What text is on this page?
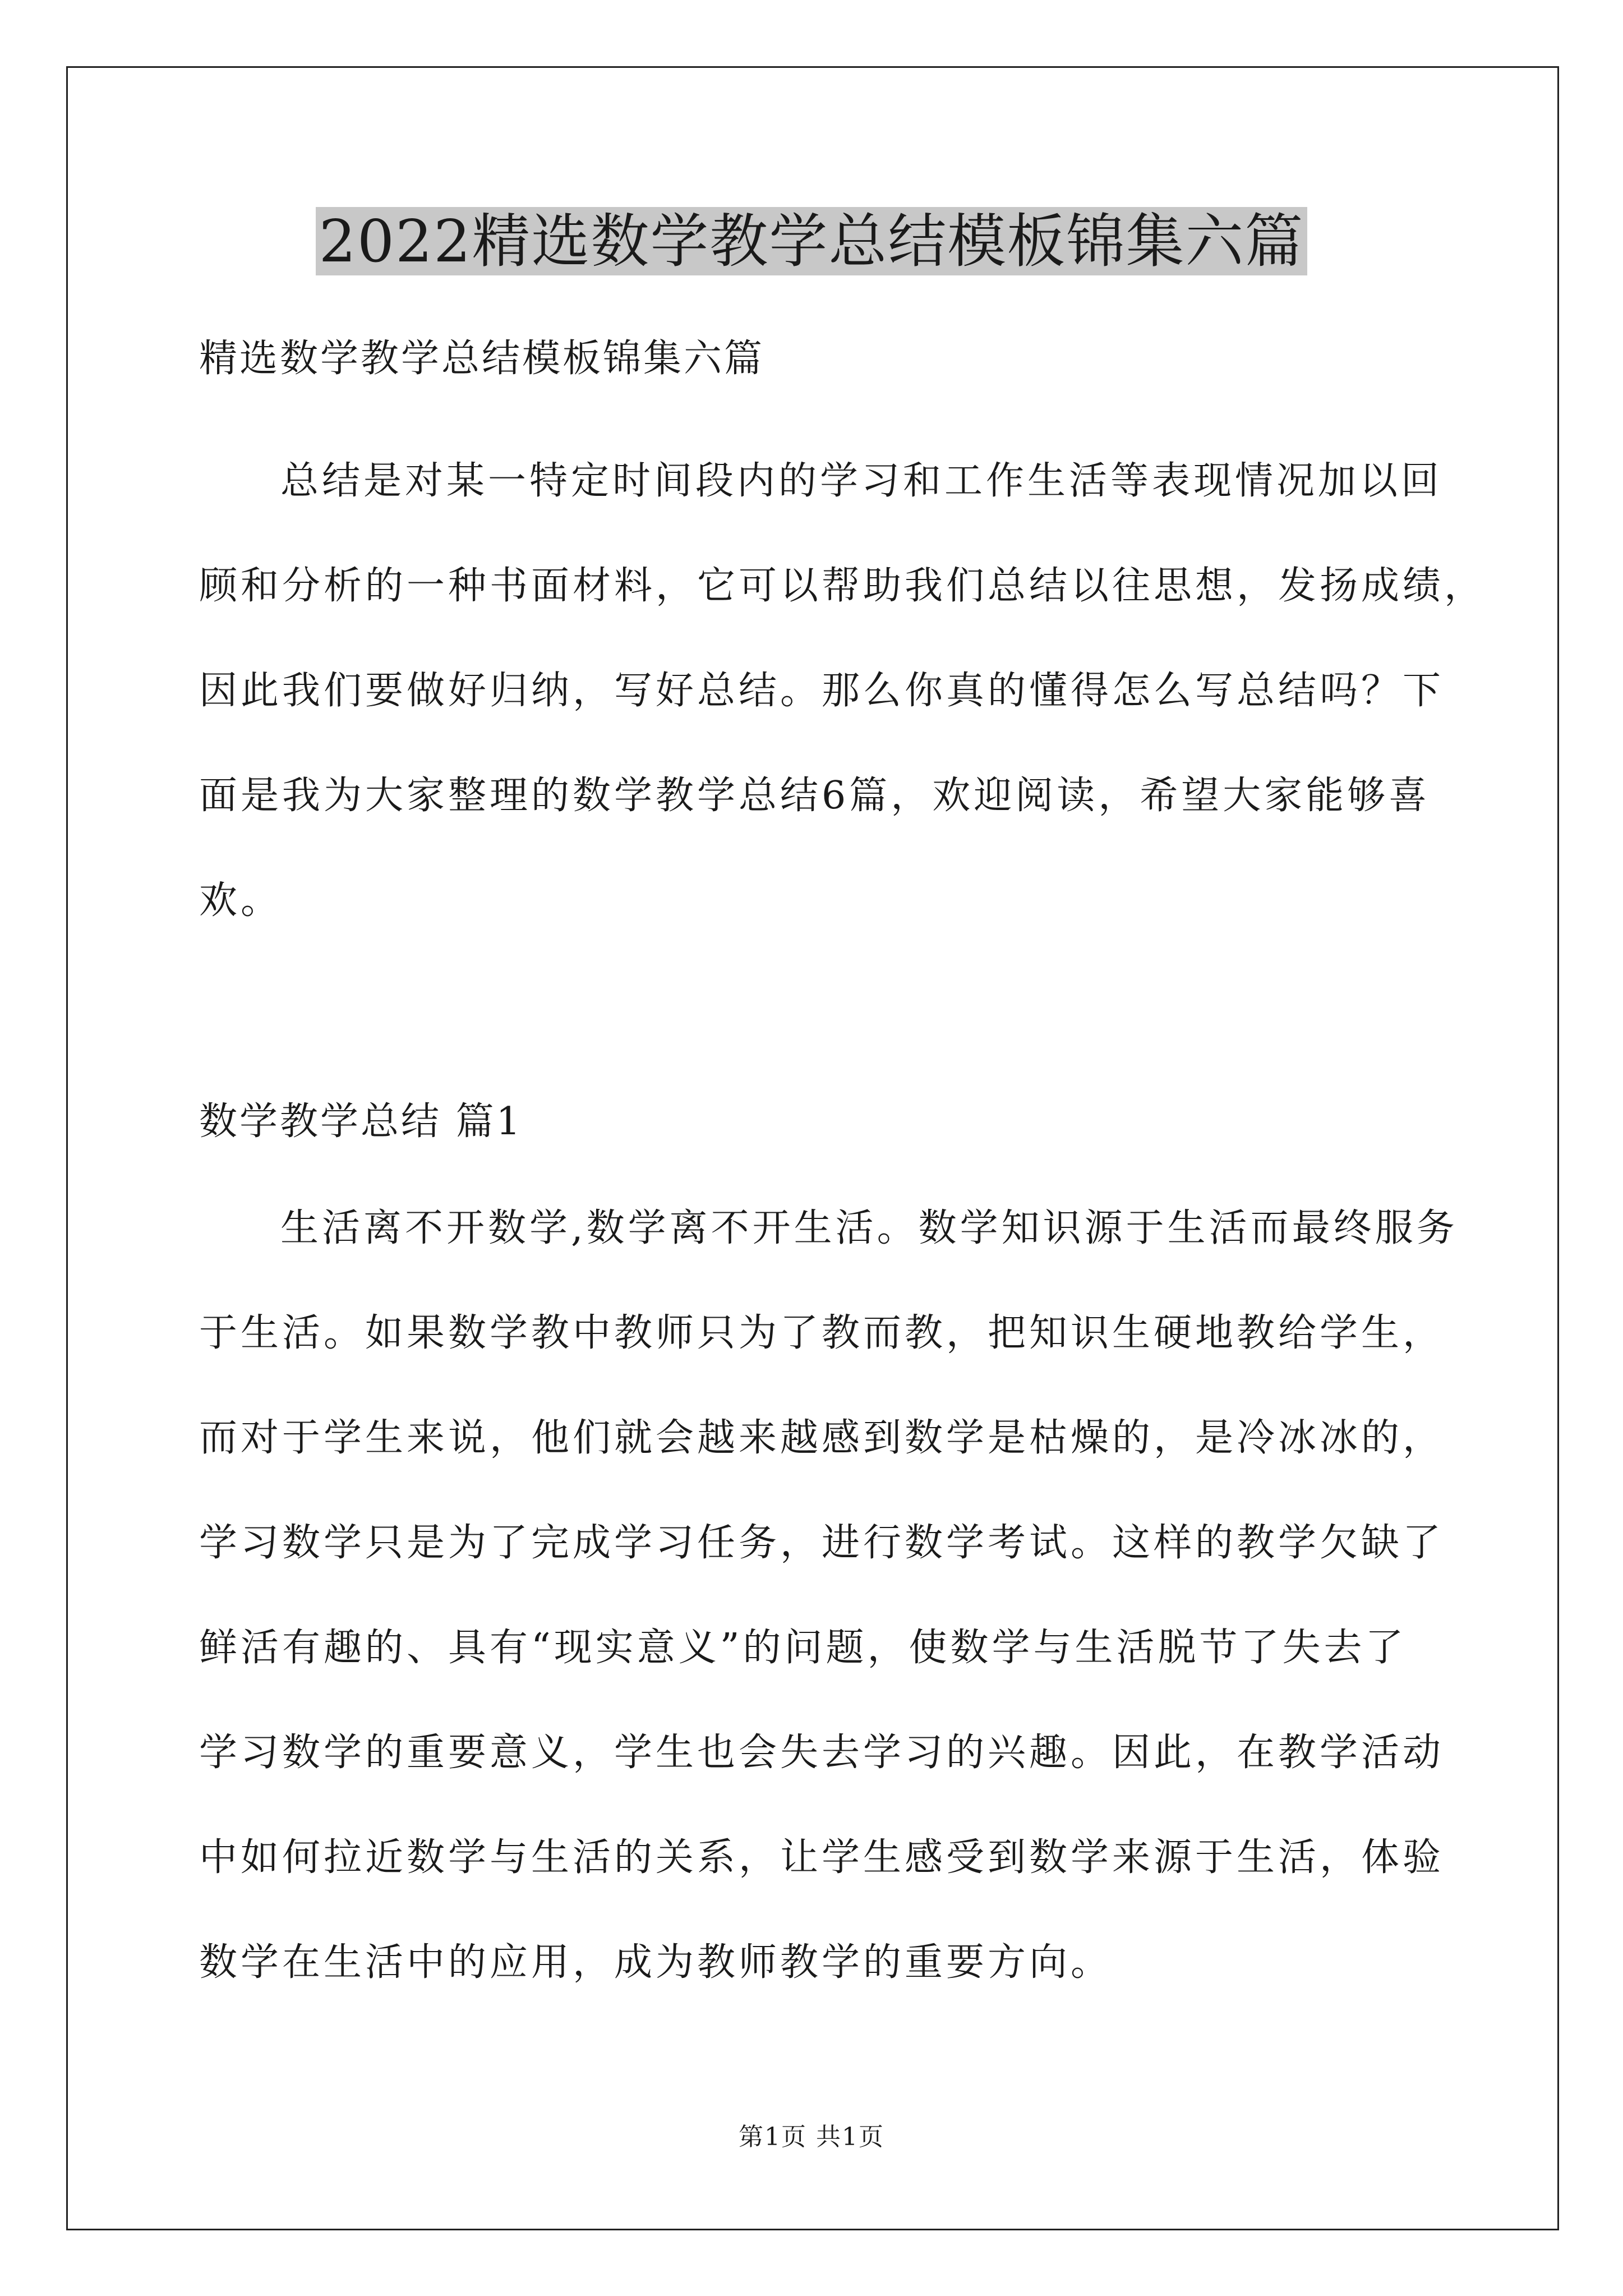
2022精选数学教学总结模板锦集六篇
精选数学教学总结模板锦集六篇
总结是对某一特定时间段内的学习和工作生活等表现情况加以回
顾和分析的一种书面材料，它可以帮助我们总结以往思想，发扬成绩，
因此我们要做好归纳，写好总结。那么你真的懂得怎么写总结吗？下
面是我为大家整理的数学教学总结6篇，欢迎阅读，希望大家能够喜
欢。
数学教学总结 篇1
生活离不开数学,数学离不开生活。数学知识源于生活而最终服务
于生活。如果数学教中教师只为了教而教，把知识生硬地教给学生，
而对于学生来说，他们就会越来越感到数学是枯燥的，是冷冰冰的，
学习数学只是为了完成学习任务，进行数学考试。这样的教学欠缺了
鲜活有趣的、具有“现实意义”的问题，使数学与生活脱节了失去了
学习数学的重要意义，学生也会失去学习的兴趣。因此，在教学活动
中如何拉近数学与生活的关系，让学生感受到数学来源于生活，体验
数学在生活中的应用，成为教师教学的重要方向。
第1页 共1页
